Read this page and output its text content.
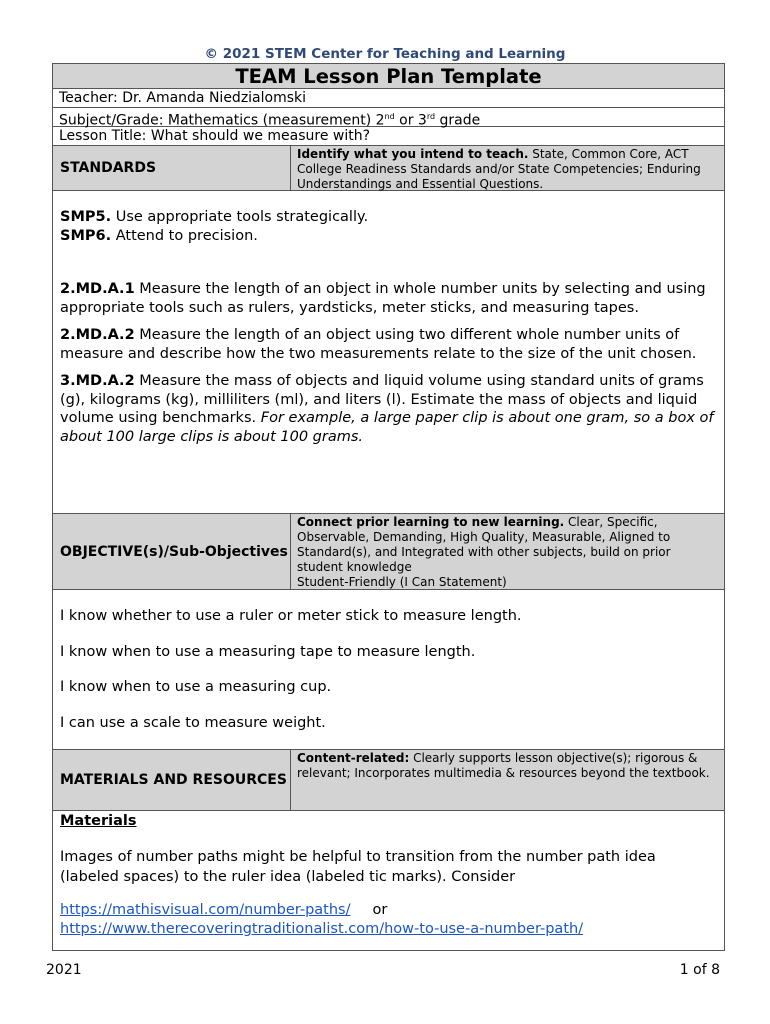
© 2021 STEM Center for Teaching and Learning
TEAM Lesson Plan Template
Teacher: Dr. Amanda Niedzialomski
Subject/Grade: Mathematics (measurement) 2nd or 3rd grade
Lesson Title: What should we measure with?
STANDARDS
Identify what you intend to teach. State, Common Core, ACT College Readiness Standards and/or State Competencies; Enduring Understandings and Essential Questions.

SMP5. Use appropriate tools strategically.

SMP6. Attend to precision.

2.MD.A.1 Measure the length of an object in whole number units by selecting and using appropriate tools such as rulers, yardsticks, meter sticks, and measuring tapes.

2.MD.A.2 Measure the length of an object using two different whole number units of measure and describe how the two measurements relate to the size of the unit chosen.

3.MD.A.2 Measure the mass of objects and liquid volume using standard units of grams (g), kilograms (kg), milliliters (ml), and liters (l). Estimate the mass of objects and liquid volume using benchmarks. For example, a large paper clip is about one gram, so a box of about 100 large clips is about 100 grams.

OBJECTIVE(s)/Sub-Objectives
Connect prior learning to new learning. Clear, Specific, Observable, Demanding, High Quality, Measurable, Aligned to Standard(s), and Integrated with other subjects, build on prior student knowledge
Student-Friendly (I Can Statement)

I know whether to use a ruler or meter stick to measure length.

I know when to use a measuring tape to measure length.

I know when to use a measuring cup.

I can use a scale to measure weight.

MATERIALS AND RESOURCES
Content-related: Clearly supports lesson objective(s); rigorous & relevant; Incorporates multimedia & resources beyond the textbook.

Materials

Images of number paths might be helpful to transition from the number path idea (labeled spaces) to the ruler idea (labeled tic marks). Consider

https://mathisvisual.com/number-paths/ or

https://www.therecoveringtraditionalist.com/how-to-use-a-number-path/

2021	1 of 8
